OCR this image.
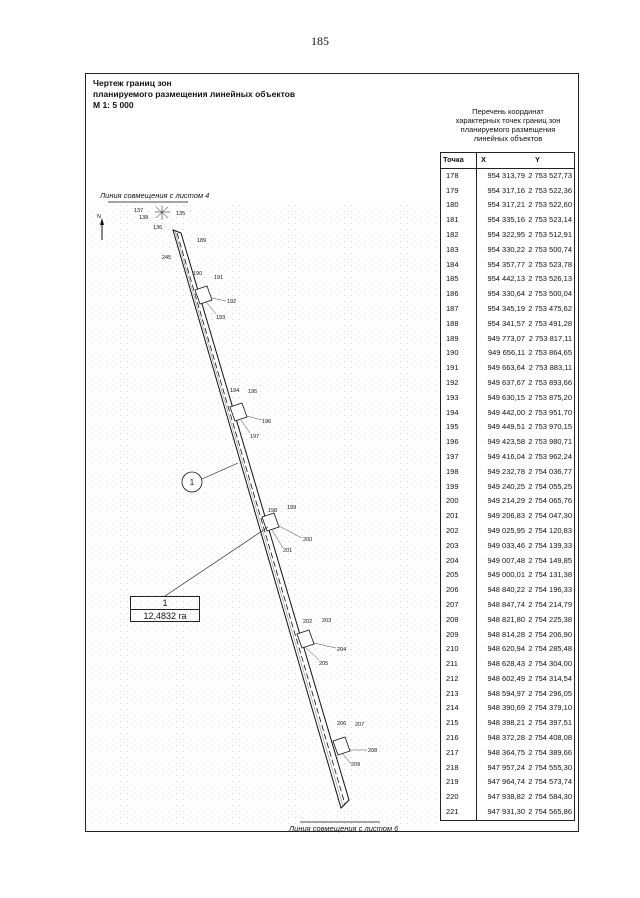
185
Чертеж границ зон
планируемого размещения линейных объектов
М 1: 5 000
Перечень координат
характерных точек границ зон
планируемого размещения
линейных объектов
Точка	X	Y
178	954 313,79	2 753 527,73
179	954 317,16	2 753 522,36
180	954 317,21	2 753 522,60
181	954 335,16	2 753 523,14
182	954 322,95	2 753 512,91
183	954 330,22	2 753 500,74
184	954 357,77	2 753 523,78
185	954 442,13	2 753 526,13
186	954 330,64	2 753 500,04
187	954 345,19	2 753 475,62
188	954 341,57	2 753 491,28
189	949 773,07	2 753 817,11
190	949 656,11	2 753 864,65
191	949 663,64	2 753 883,11
192	949 637,67	2 753 893,66
193	949 630,15	2 753 875,20
194	949 442,00	2 753 951,70
195	949 449,51	2 753 970,15
196	949 423,58	2 753 980,71
197	949 416,04	2 753 962,24
198	949 232,78	2 754 036,77
199	949 240,25	2 754 055,25
200	949 214,29	2 754 065,76
201	949 206,83	2 754 047,30
202	949 025,95	2 754 120,83
203	949 033,46	2 754 139,33
204	949 007,48	2 754 149,85
205	949 000,01	2 754 131,38
206	948 840,22	2 754 196,33
207	948 847,74	2 754 214,79
208	948 821,80	2 754 225,38
209	948 814,28	2 754 206,90
210	948 620,94	2 754 285,48
211	948 628,43	2 754 304,00
212	948 602,49	2 754 314,54
213	948 594,97	2 754 296,05
214	948 390,69	2 754 379,10
215	948 398,21	2 754 397,51
216	948 372,28	2 754 408,08
217	948 364,75	2 754 389,66
218	947 957,24	2 754 555,30
219	947 964,74	2 754 573,74
220	947 938,82	2 754 584,30
221	947 931,30	2 754 565,86
Линия совмещения с листом 4
N
137
138
135
136
189
245
190
191
192
193
194 195
196
197
198 199
200
201
202 203
204
205
206 207
208
209
1
Линия совмещения с листом 6
1
12,4832 га
